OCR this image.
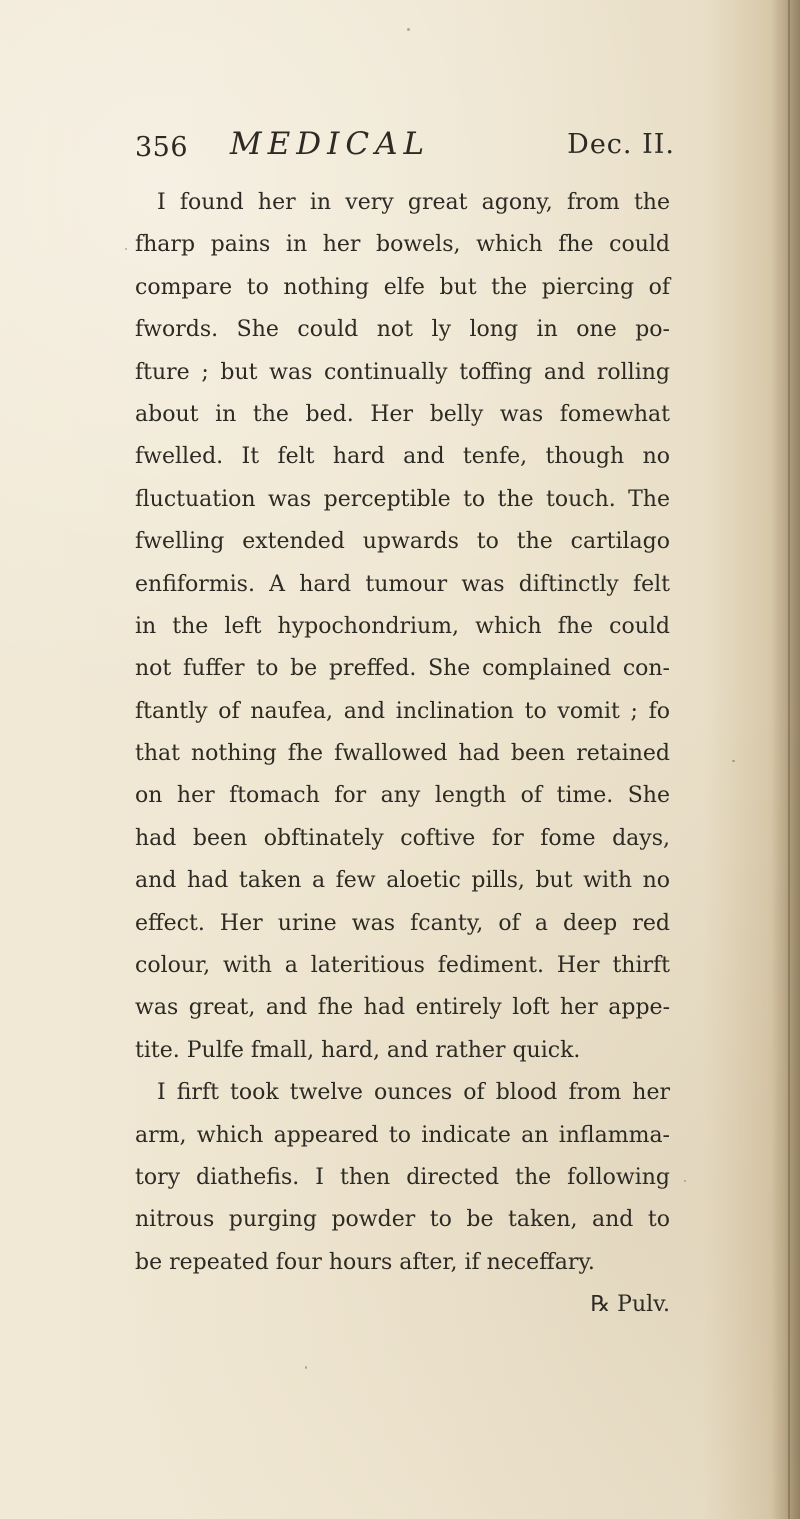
356	MEDICAL	Dec. II.
I found her in very great agony, from the
fharp pains in her bowels, which fhe could
compare to nothing elfe but the piercing of
fwords. She could not ly long in one po-
fture ; but was continually toffing and rolling
about in the bed. Her belly was fomewhat
fwelled. It felt hard and tenfe, though no
fluctuation was perceptible to the touch. The
fwelling extended upwards to the cartilago
enfiformis. A hard tumour was diftinctly felt
in the left hypochondrium, which fhe could
not fuffer to be preffed. She complained con-
ftantly of naufea, and inclination to vomit ; fo
that nothing fhe fwallowed had been retained
on her ftomach for any length of time. She
had been obftinately coftive for fome days,
and had taken a few aloetic pills, but with no
effect. Her urine was fcanty, of a deep red
colour, with a lateritious fediment. Her thirft
was great, and fhe had entirely loft her appe-
tite. Pulfe fmall, hard, and rather quick.
I firft took twelve ounces of blood from her
arm, which appeared to indicate an inflamma-
tory diathefis. I then directed the following
nitrous purging powder to be taken, and to
be repeated four hours after, if neceffary.
℞ Pulv.
